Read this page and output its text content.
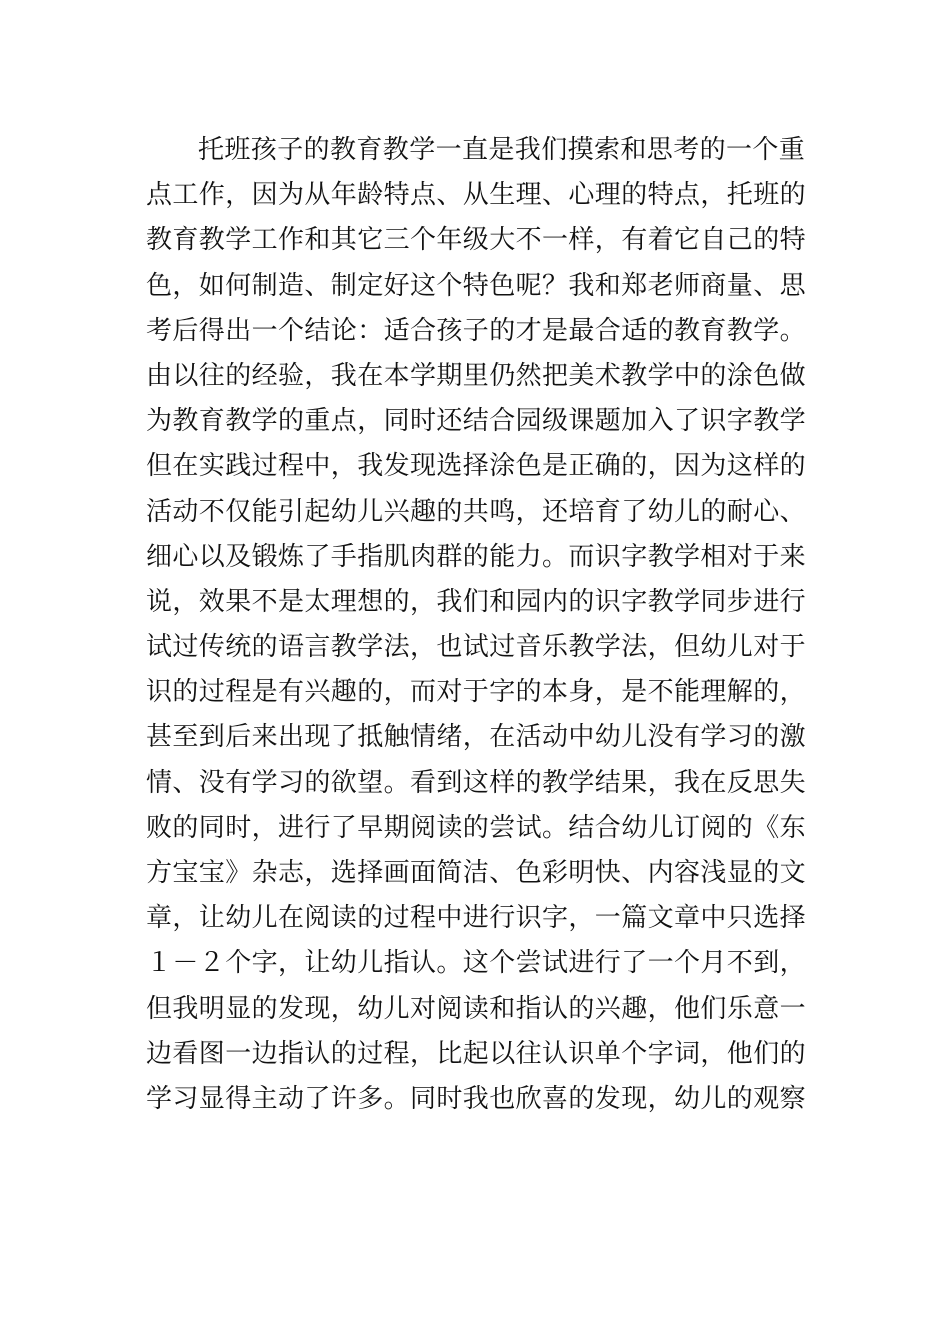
托班孩子的教育教学一直是我们摸索和思考的一个重
点工作，因为从年龄特点、从生理、心理的特点，托班的
教育教学工作和其它三个年级大不一样，有着它自己的特
色，如何制造、制定好这个特色呢？我和郑老师商量、思
考后得出一个结论：适合孩子的才是最合适的教育教学。
由以往的经验，我在本学期里仍然把美术教学中的涂色做
为教育教学的重点，同时还结合园级课题加入了识字教学
但在实践过程中，我发现选择涂色是正确的，因为这样的
活动不仅能引起幼儿兴趣的共鸣，还培育了幼儿的耐心、
细心以及锻炼了手指肌肉群的能力。而识字教学相对于来
说，效果不是太理想的，我们和园内的识字教学同步进行
试过传统的语言教学法，也试过音乐教学法，但幼儿对于
识的过程是有兴趣的，而对于字的本身，是不能理解的，
甚至到后来出现了抵触情绪，在活动中幼儿没有学习的激
情、没有学习的欲望。看到这样的教学结果，我在反思失
败的同时，进行了早期阅读的尝试。结合幼儿订阅的《东
方宝宝》杂志，选择画面简洁、色彩明快、内容浅显的文
章，让幼儿在阅读的过程中进行识字，一篇文章中只选择
１－２个字，让幼儿指认。这个尝试进行了一个月不到，
但我明显的发现，幼儿对阅读和指认的兴趣，他们乐意一
边看图一边指认的过程，比起以往认识单个字词，他们的
学习显得主动了许多。同时我也欣喜的发现，幼儿的观察
